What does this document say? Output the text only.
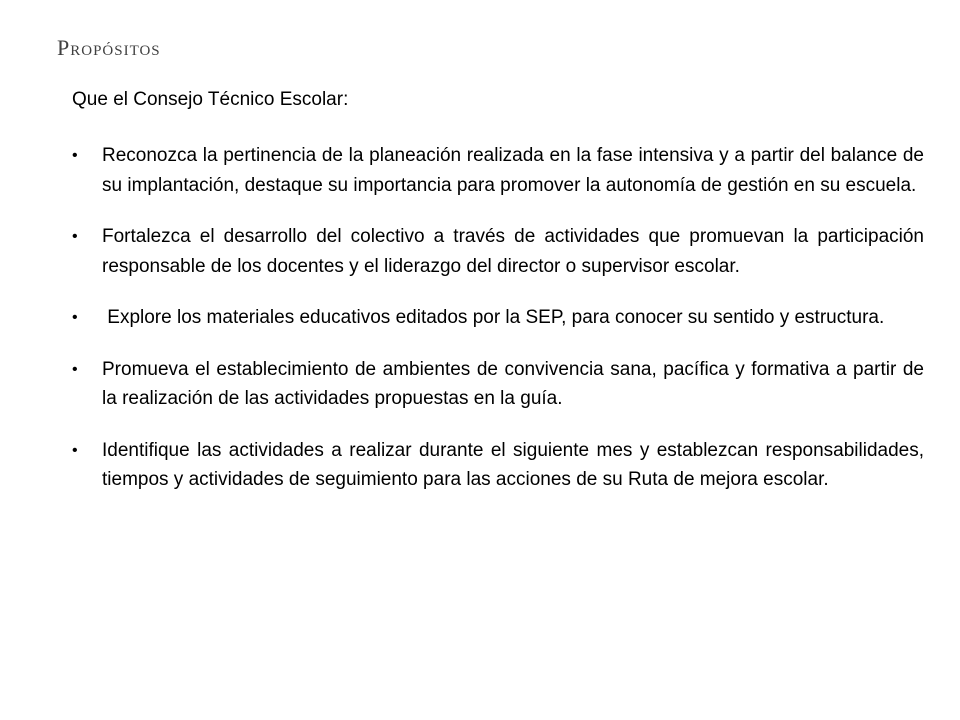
Propósitos

Que el Consejo Técnico Escolar:

•	Reconozca la pertinencia de la planeación realizada en la fase intensiva y a partir del balance de su implantación, destaque su importancia para promover la autonomía de gestión en su escuela.
•	Fortalezca el desarrollo del colectivo a través de actividades que promuevan la participación responsable de los docentes y el liderazgo del director o supervisor escolar.
•	Explore los materiales educativos editados por la SEP, para conocer su sentido y estructura.
•	Promueva el establecimiento de ambientes de convivencia sana, pacífica y formativa a partir de la realización de las actividades propuestas en la guía.
•	Identifique las actividades a realizar durante el siguiente mes y establezcan responsabilidades, tiempos y actividades de seguimiento para las acciones de su Ruta de mejora escolar.
